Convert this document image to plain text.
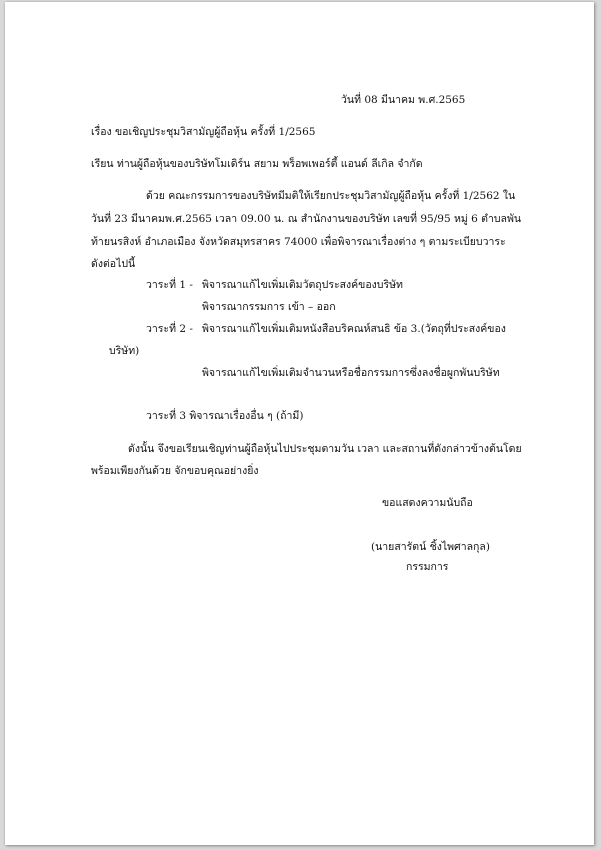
วันที่ 08 มีนาคม พ.ศ.2565
เรื่อง ขอเชิญประชุมวิสามัญผู้ถือหุ้น ครั้งที่ 1/2565
เรียน ท่านผู้ถือหุ้นของบริษัทโมเดิร์น สยาม พร็อพเพอร์ตี้ แอนด์ ลีเกิล จำกัด
ด้วย คณะกรรมการของบริษัทมีมติให้เรียกประชุมวิสามัญผู้ถือหุ้น ครั้งที่ 1/2562 ใน
วันที่ 23 มีนาคมพ.ศ.2565 เวลา 09.00 น. ณ สำนักงานของบริษัท เลขที่ 95/95 หมู่ 6 ตำบลพัน
ท้ายนรสิงห์ อำเภอเมือง จังหวัดสมุทรสาคร 74000 เพื่อพิจารณาเรื่องต่าง ๆ ตามระเบียบวาระ
ดังต่อไปนี้
วาระที่ 1 - พิจารณาแก้ไขเพิ่มเติมวัตถุประสงค์ของบริษัท
พิจารณากรรมการ เข้า – ออก
วาระที่ 2 - พิจารณาแก้ไขเพิ่มเติมหนังสือบริคณห์สนธิ ข้อ 3.(วัตถุที่ประสงค์ของ
บริษัท)
พิจารณาแก้ไขเพิ่มเติมจำนวนหรือชื่อกรรมการซึ่งลงชื่อผูกพันบริษัท
วาระที่ 3 พิจารณาเรื่องอื่น ๆ (ถ้ามี)
ดังนั้น จึงขอเรียนเชิญท่านผู้ถือหุ้นไปประชุมตามวัน เวลา และสถานที่ดังกล่าวข้างต้นโดย
พร้อมเพียงกันด้วย จักขอบคุณอย่างยิ่ง
ขอแสดงความนับถือ
(นายสารัตน์ ชิ้งไพศาลกุล)
กรรมการ
